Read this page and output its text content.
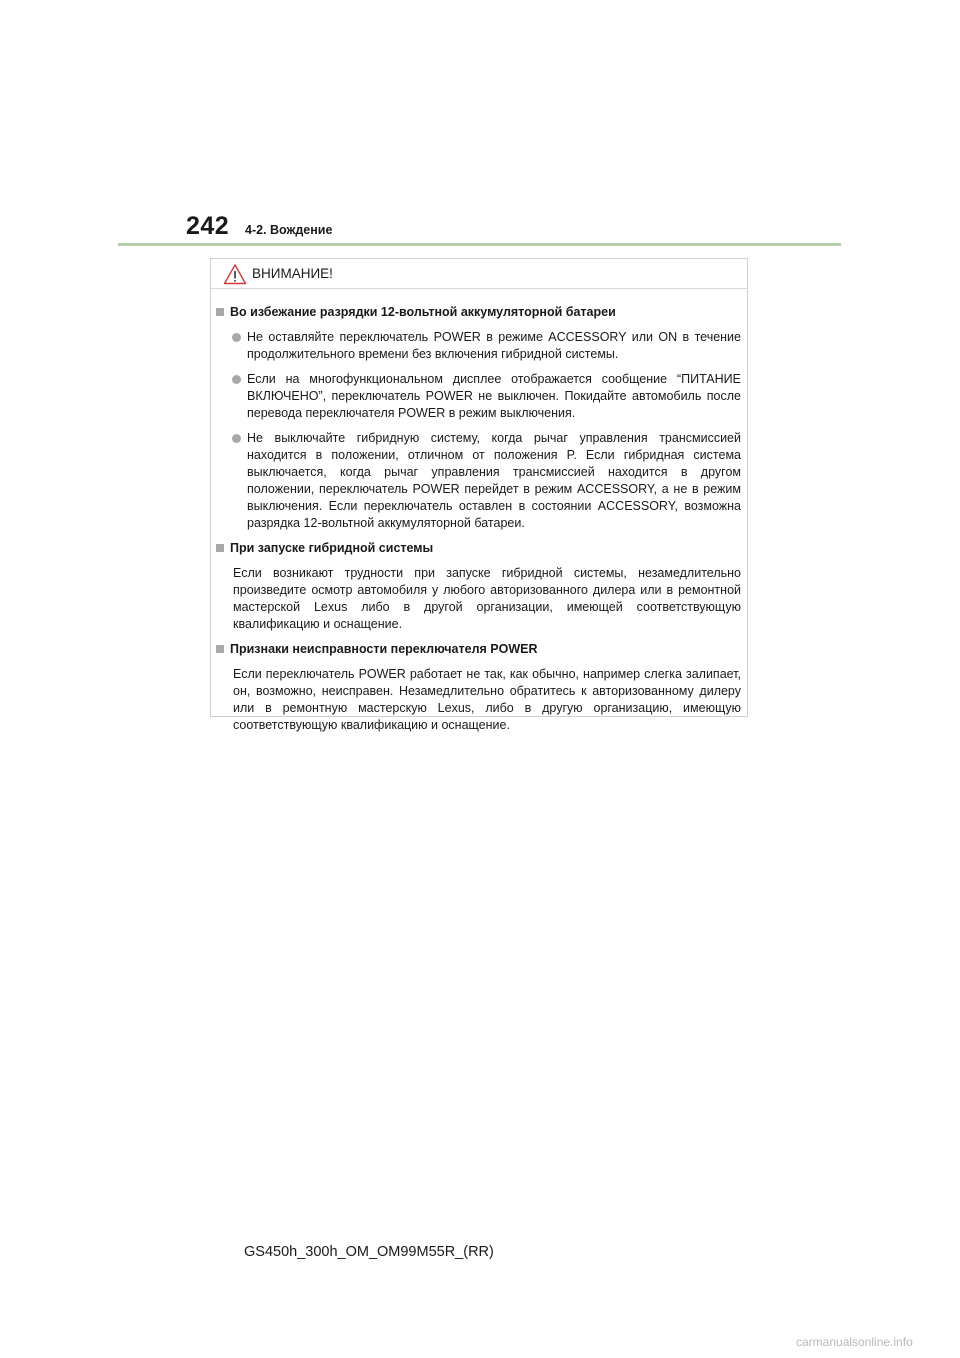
242 4-2. Вождение
ВНИМАНИЕ!
Во избежание разрядки 12-вольтной аккумуляторной батареи

Не оставляйте переключатель POWER в режиме ACCESSORY или ON в течение продолжительного времени без включения гибридной системы.

Если на многофункциональном дисплее отображается сообщение “ПИТАНИЕ ВКЛЮЧЕНО”, переключатель POWER не выключен. Покидайте автомобиль после перевода переключателя POWER в режим выключения.

Не выключайте гибридную систему, когда рычаг управления трансмиссией находится в положении, отличном от положения P. Если гибридная система выключается, когда рычаг управления трансмиссией находится в другом положении, переключатель POWER перейдет в режим ACCESSORY, а не в режим выключения. Если переключатель оставлен в состоянии ACCESSORY, возможна разрядка 12-вольтной аккумуляторной батареи.

При запуске гибридной системы

Если возникают трудности при запуске гибридной системы, незамедлительно произведите осмотр автомобиля у любого авторизованного дилера или в ремонтной мастерской Lexus либо в другой организации, имеющей соответствующую квалификацию и оснащение.

Признаки неисправности переключателя POWER

Если переключатель POWER работает не так, как обычно, например слегка залипает, он, возможно, неисправен. Незамедлительно обратитесь к авторизованному дилеру или в ремонтную мастерскую Lexus, либо в другую организацию, имеющую соответствующую квалификацию и оснащение.

GS450h_300h_OM_OM99M55R_(RR)
carmanualsonline.info
